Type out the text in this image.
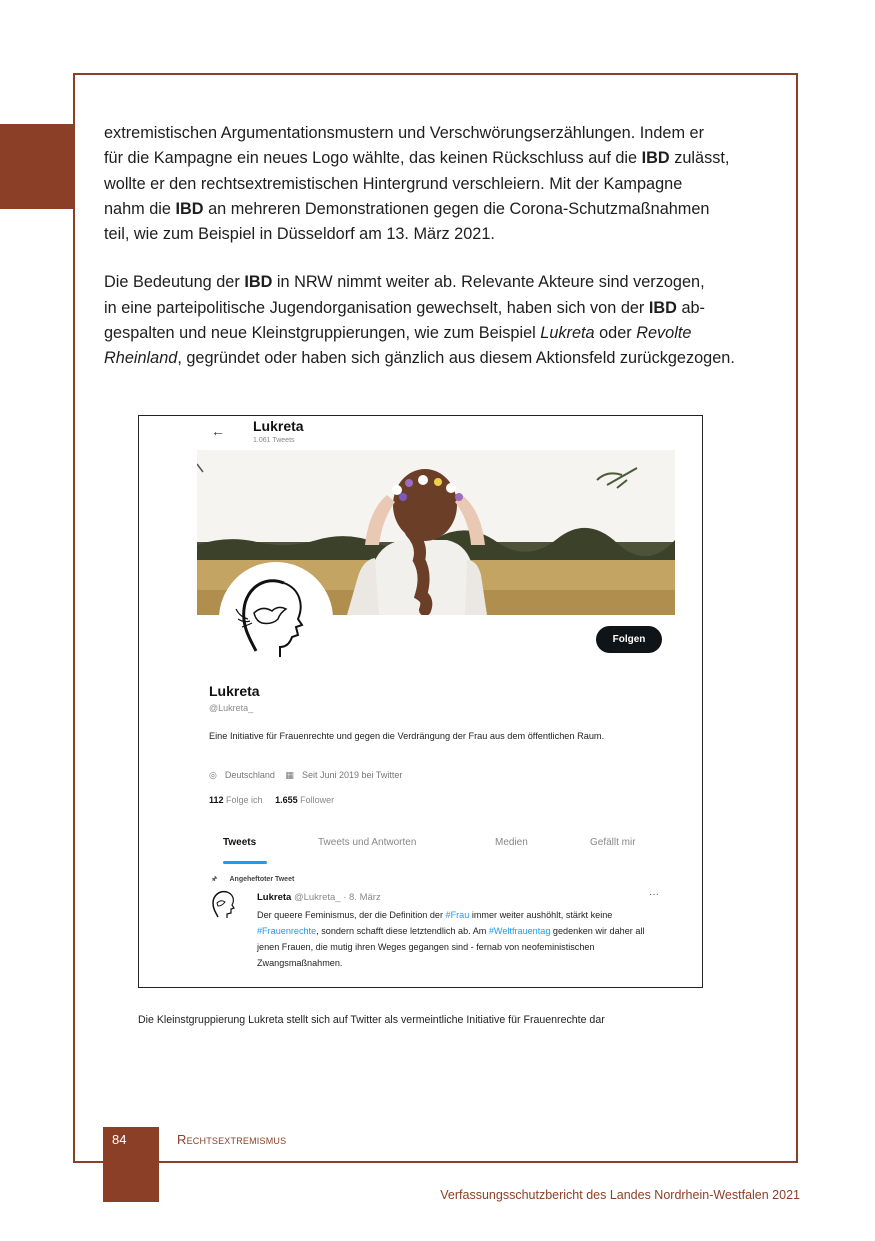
extremistischen Argumentationsmustern und Verschwörungserzählungen. Indem er
für die Kampagne ein neues Logo wählte, das keinen Rückschluss auf die IBD zulässt,
wollte er den rechtsextremistischen Hintergrund verschleiern. Mit der Kampagne
nahm die IBD an mehreren Demonstrationen gegen die Corona-Schutzmaßnahmen
teil, wie zum Beispiel in Düsseldorf am 13. März 2021.

Die Bedeutung der IBD in NRW nimmt weiter ab. Relevante Akteure sind verzogen,
in eine parteipolitische Jugendorganisation gewechselt, haben sich von der IBD ab-
gespalten und neue Kleinstgruppierungen, wie zum Beispiel Lukreta oder Revolte
Rheinland, gegründet oder haben sich gänzlich aus diesem Aktionsfeld zurückgezogen.

← Lukreta
1.061 Tweets
Folgen
Lukreta
@Lukreta_
Eine Initiative für Frauenrechte und gegen die Verdrängung der Frau aus dem öffentlichen Raum.
◎ Deutschland ▦ Seit Juni 2019 bei Twitter
112 Folge ich 1.655 Follower
Tweets	Tweets und Antworten	Medien	Gefällt mir
🖈 Angeheftoter Tweet
Lukreta @Lukreta_ · 8. März	···
Der queere Feminismus, der die Definition der #Frau immer weiter aushöhlt, stärkt keine #Frauenrechte, sondern schafft diese letztendlich ab. Am #Weltfrauentag gedenken wir daher all jenen Frauen, die mutig ihren Weges gegangen sind - fernab von neofeministischen Zwangsmaßnahmen.
Die Kleinstgruppierung Lukreta stellt sich auf Twitter als vermeintliche Initiative für Frauenrechte dar
84	Rechtsextremismus
Verfassungsschutzbericht des Landes Nordrhein-Westfalen 2021
